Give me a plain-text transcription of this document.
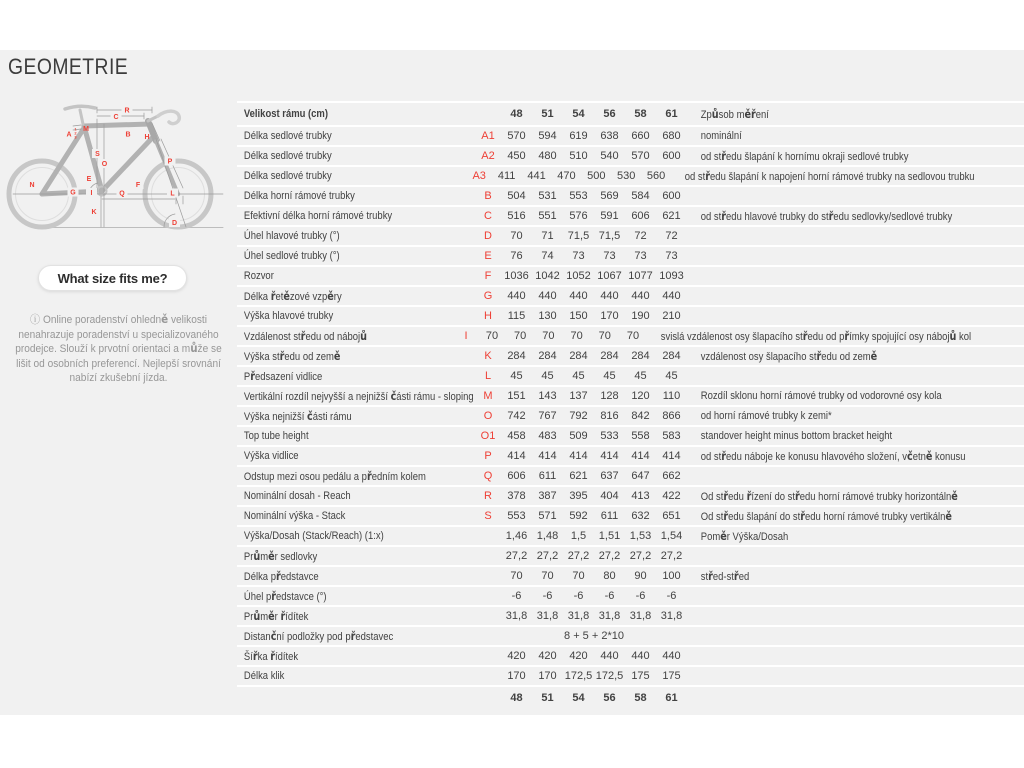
GEOMETRIE
C
R
M
A	B H
S
O	P
E
N
G I
F
Q	L
K
D
1
2
3
What size fits me?

ⓘ Online poradenství ohledně velikosti nenahrazuje poradenství u specializovaného prodejce. Slouží k prvotní orientaci a může se lišit od osobních preferencí. Nejlepší srovnání nabízí zkušební jízda.

Velikost rámu (cm)	48	51	54	56	58	61	Způsob měření
Délka sedlové trubky	A1	570	594	619	638	660	680	nominální
Délka sedlové trubky	A2	450	480	510	540	570	600	od středu šlapání k hornímu okraji sedlové trubky
Délka sedlové trubky	A3	411	441	470	500	530	560	od středu šlapání k napojení horní rámové trubky na sedlovou trubku
Délka horní rámové trubky	B	504	531	553	569	584	600
Efektivní délka horní rámové trubky	C	516	551	576	591	606	621	od středu hlavové trubky do středu sedlovky/sedlové trubky
Úhel hlavové trubky (°)	D	70	71	71,5 71,5	72	72
Úhel sedlové trubky (°)	E	76	74	73	73	73	73
Rozvor	F	1036 1042 1052 1067 1077 1093
Délka řetězové vzpěry	G	440	440	440	440	440	440
Výška hlavové trubky	H	115	130	150	170	190	210
Vzdálenost středu od nábojů	I	70	70	70	70	70	70	svislá vzdálenost osy šlapacího středu od přímky spojující osy nábojů kol
Výška středu od země	K	284	284	284	284	284	284	vzdálenost osy šlapacího středu od země
Předsazení vidlice	L	45	45	45	45	45	45
Vertikální rozdíl nejvyšší a nejnižší části rámu - sloping M	151	143	137	128	120	110	Rozdíl sklonu horní rámové trubky od vodorovné osy kola
Výška nejnižší části rámu	O	742	767	792	816	842	866	od horní rámové trubky k zemi*
Top tube height	O1	458	483	509	533	558	583	standover height minus bottom bracket height
Výška vidlice	P	414	414	414	414	414	414	od středu náboje ke konusu hlavového složení, včetně konusu
Odstup mezi osou pedálu a předním kolem	Q	606	611	621	637	647	662
Nominální dosah - Reach	R	378	387	395	404	413	422	Od středu řízení do středu horní rámové trubky horizontálně
Nominální výška - Stack	S	553	571	592	611	632	651	Od středu šlapání do středu horní rámové trubky vertikálně
Výška/Dosah (Stack/Reach) (1:x)	1,46 1,48	1,5	1,51 1,53 1,54	Poměr Výška/Dosah
Průměr sedlovky	27,2 27,2 27,2 27,2 27,2 27,2
Délka představce	70	70	70	80	90	100	střed-střed
Úhel představce (°)	-6	-6	-6	-6	-6	-6
Průměr řídítek	31,8 31,8 31,8 31,8 31,8 31,8
Distanční podložky pod představec	8 + 5 + 2*10
Šířka řídítek	420	420	420	440	440	440
Délka klik	170	170 172,5 172,5 175	175
48	51	54	56	58	61
